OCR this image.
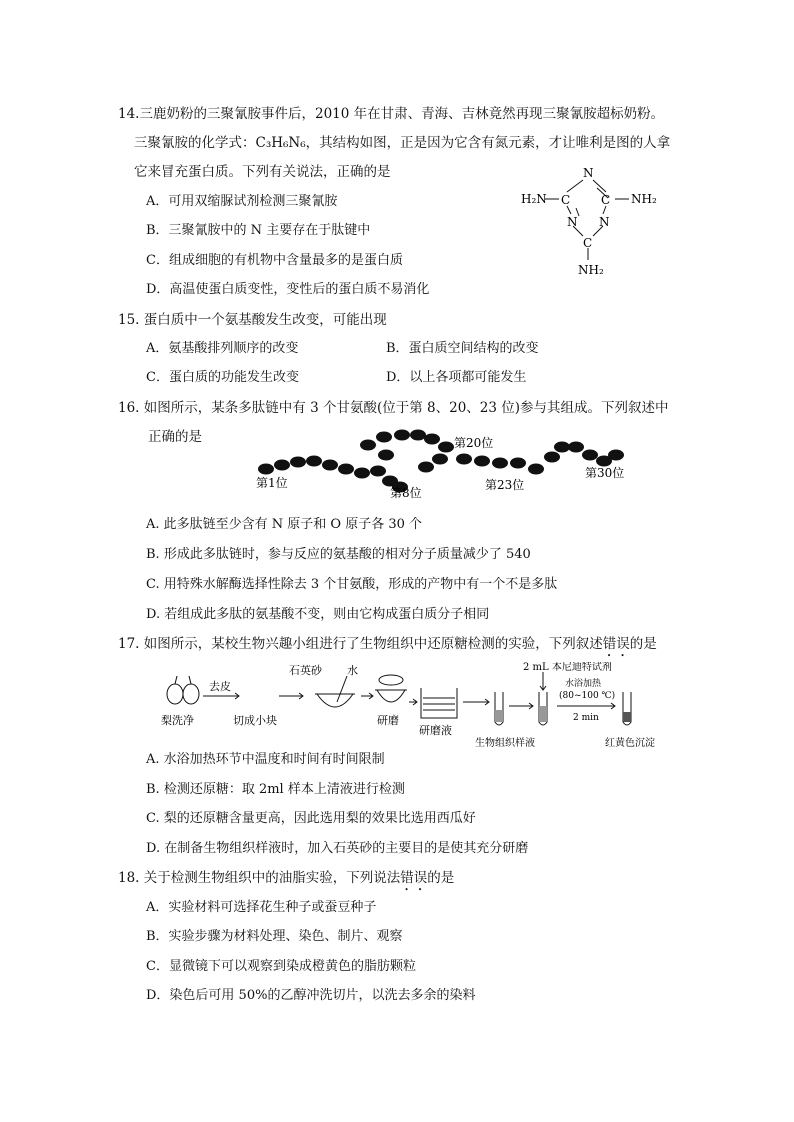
14.三鹿奶粉的三聚氰胺事件后，2010 年在甘肃、青海、吉林竟然再现三聚氰胺超标奶粉。
三聚氰胺的化学式：C₃H₆N₆，其结构如图，正是因为它含有氮元素，才让唯利是图的人拿
它来冒充蛋白质。下列有关说法，正确的是
A．可用双缩脲试剂检测三聚氰胺
B．三聚氰胺中的 N 主要存在于肽键中
C．组成细胞的有机物中含量最多的是蛋白质
D．高温使蛋白质变性，变性后的蛋白质不易消化
N
C	C
N N
C
H₂N	NH₂
NH₂
15. 蛋白质中一个氨基酸发生改变，可能出现
A．氨基酸排列顺序的改变	B．蛋白质空间结构的改变
C．蛋白质的功能发生改变	D．以上各项都可能发生
16. 如图所示，某条多肽链中有 3 个甘氨酸(位于第 8、20、23 位)参与其组成。下列叙述中
正确的是
第1位
第8位
第20位
第23位
第30位
A. 此多肽链至少含有 N 原子和 O 原子各 30 个
B. 形成此多肽链时，参与反应的氨基酸的相对分子质量减少了 540
C. 用特殊水解酶选择性除去 3 个甘氨酸，形成的产物中有一个不是多肽
D. 若组成此多肽的氨基酸不变，则由它构成蛋白质分子相同
17. 如图所示，某校生物兴趣小组进行了生物组织中还原糖检测的实验，下列叙述错误的是
梨洗净
去皮
切成小块
石英砂 水
研磨
研磨液
生物组织样液
2 mL 本尼迪特试剂
水浴加热
(80~100 ℃)
2 min
红黄色沉淀
A. 水浴加热环节中温度和时间有时间限制
B. 检测还原糖：取 2ml 样本上清液进行检测
C. 梨的还原糖含量更高，因此选用梨的效果比选用西瓜好
D. 在制备生物组织样液时，加入石英砂的主要目的是使其充分研磨
18. 关于检测生物组织中的油脂实验，下列说法错误的是
A．实验材料可选择花生种子或蚕豆种子
B．实验步骤为材料处理、染色、制片、观察
C．显微镜下可以观察到染成橙黄色的脂肪颗粒
D．染色后可用 50%的乙醇冲洗切片，以洗去多余的染料
